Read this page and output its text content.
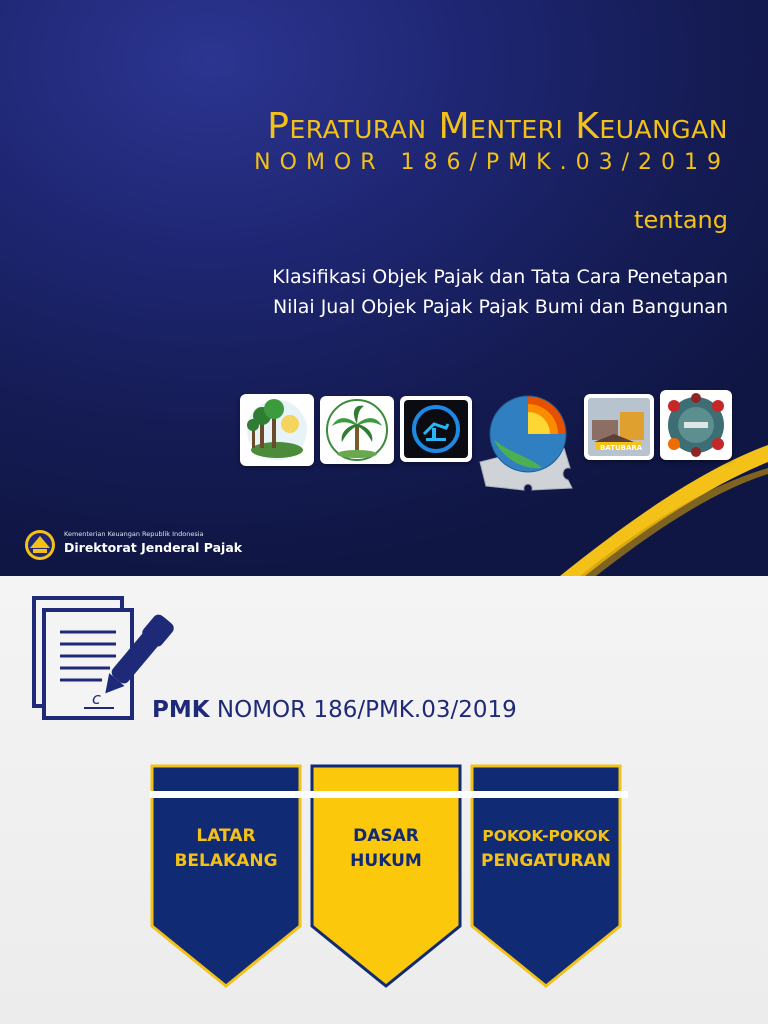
Peraturan Menteri Keuangan
NOMOR 186/PMK.03/2019
tentang
Klasifikasi Objek Pajak dan Tata Cara Penetapan
Nilai Jual Objek Pajak Pajak Bumi dan Bangunan
BATUBARA
Kementerian Keuangan Republik Indonesia
Direktorat Jenderal Pajak
c PMK NOMOR 186/PMK.03/2019
LATAR
BELAKANG
DASAR
HUKUM
POKOK-POKOK
PENGATURAN
